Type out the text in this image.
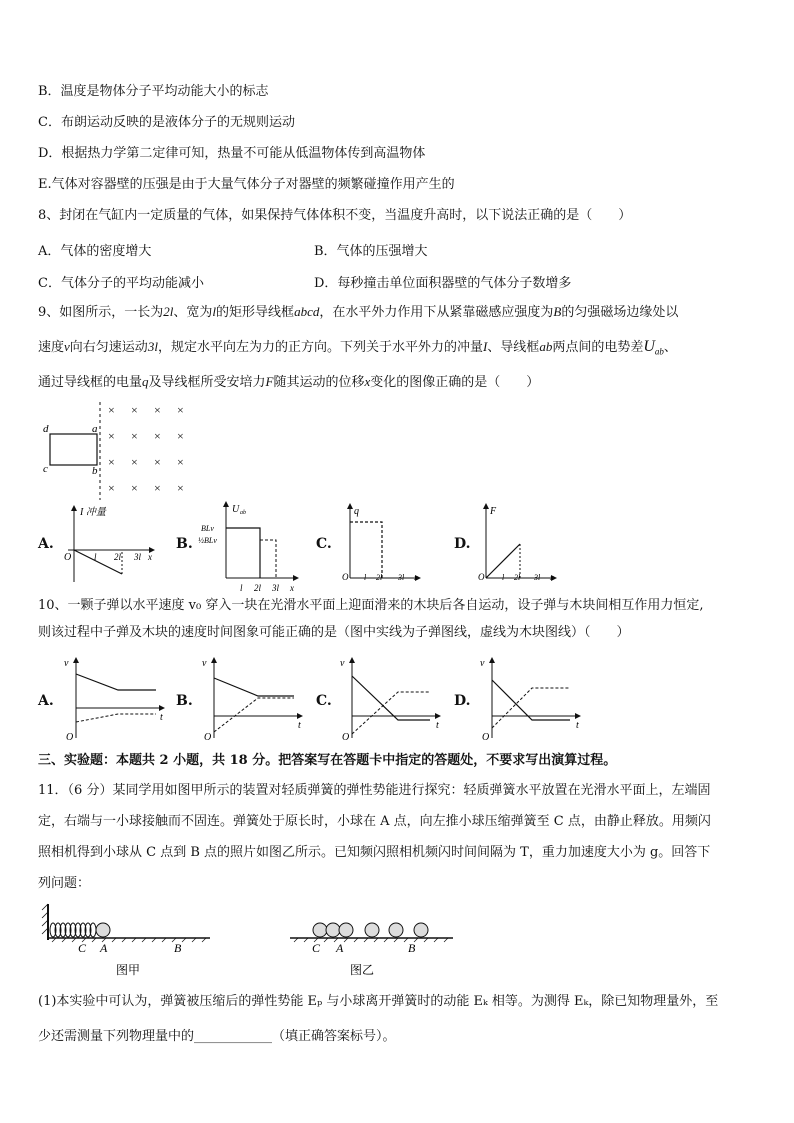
B．温度是物体分子平均动能大小的标志
C．布朗运动反映的是液体分子的无规则运动
D．根据热力学第二定律可知，热量不可能从低温物体传到高温物体
E.气体对容器壁的压强是由于大量气体分子对器壁的频繁碰撞作用产生的
8、封闭在气缸内一定质量的气体，如果保持气体体积不变，当温度升高时，以下说法正确的是（　　）
A．气体的密度增大	B．气体的压强增大
C．气体分子的平均动能减小	D．每秒撞击单位面积器壁的气体分子数增多
9、如图所示，一长为2l、宽为l的矩形导线框abcd，在水平外力作用下从紧靠磁感应强度为B的匀强磁场边缘处以
速度v向右匀速运动3l，规定水平向左为力的正方向。下列关于水平外力的冲量I、导线框ab两点间的电势差$U_{ab}$、
通过导线框的电量q及导线框所受安培力F随其运动的位移x变化的图像正确的是（　　）
d	a
c	b
× × × ×
× × × ×
× × × ×
× × × ×
A.
I 冲量
O	l 2l 3l x
B.
U ab
BLv
½BLv
l 2l 3l x
C.
q
O l 2l 3l x
D.
F
O l 2l 3l x
10、一颗子弹以水平速度 v₀ 穿入一块在光滑水平面上迎面滑来的木块后各自运动，设子弹与木块间相互作用力恒定,
则该过程中子弹及木块的速度时间图象可能正确的是（图中实线为子弹图线，虚线为木块图线）（　　）
A.
v
O
t
B.
v
O
t
C.
v
O
t
D.
v
O
t
三、实验题：本题共 2 小题，共 18 分。把答案写在答题卡中指定的答题处，不要求写出演算过程。
11．（6 分）某同学用如图甲所示的装置对轻质弹簧的弹性势能进行探究：轻质弹簧水平放置在光滑水平面上，左端固
定，右端与一小球接触而不固连。弹簧处于原长时，小球在 A 点，向左推小球压缩弹簧至 C 点，由静止释放。用频闪
照相机得到小球从 C 点到 B 点的照片如图乙所示。已知频闪照相机频闪时间间隔为 T，重力加速度大小为 g。回答下
列问题：
C A	B
图甲
C A	B
图乙
(1)本实验中可认为，弹簧被压缩后的弹性势能 Eₚ 与小球离开弹簧时的动能 Eₖ 相等。为测得 Eₖ，除已知物理量外，至
少还需测量下列物理量中的____________（填正确答案标号）。
